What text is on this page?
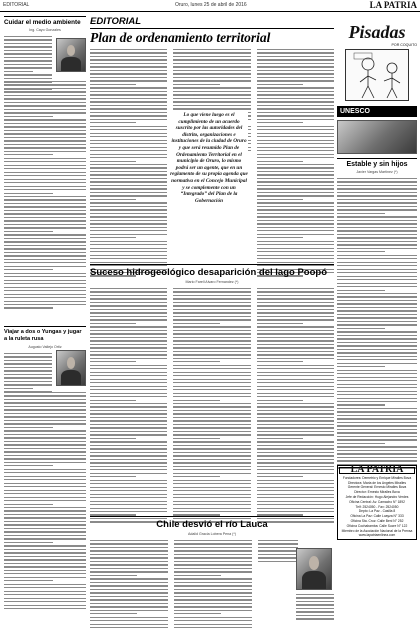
EDITORIAL	Oruro, lunes 25 de abril de 2016	LA PATRIA
Cuidar el medio ambiente
Ing. Cayo Gonzales
Viajar a dos o Yungas y jugar a la ruleta rusa
Augusto Vallejo Ortiz
EDITORIAL
Plan de ordenamiento territorial
Lo que viene luego es el cumplimiento de un acuerdo suscrito por las autoridades del distrito, organizaciones e instituciones de la ciudad de Oruro y que será resumido Plan de Ordenamiento Territorial en el municipio de Oruro, lo mismo podrá ser un agente, que en un reglamento de su propia agenda que normativa en el Concejo Municipal y se complemente con un “Integrado” del Plan de la Gobernación
Suceso hidrogeológico desaparición del lago Poopó
Mario Farell Alvaro Fernandez (*)
Chile desvió el río Lauca
Adalid Gracia Lobera Pena (*)
Pisadas
POR COQUITO
UNESCO
Estable y sin hijos
Javier Vargas Martinez (*)
LA PATRIA
Fundadores: Demetrio y Enrique Miralles Bova
Directora: Maria de los Angeles Miralles
Gerente General: Ernesto Miralles Bova
Director: Ernesto Miralles Bova
Jefe de Redacción: Hugo Alejandro Verdes
Oficina Central: Av. Camacho N° 1892
Telf: 2524050 - Fax: 2524050
Depto: La Paz - Casilla 8
Oficina La Paz: Calle Loayza N° 333
Oficina Sta. Cruz: Calle Beni N° 252
Oficina Cochabamba: Calle Sucre N° 122
Miembro de la Asociación Nacional de la Prensa
www.lapatriaenlinea.com
